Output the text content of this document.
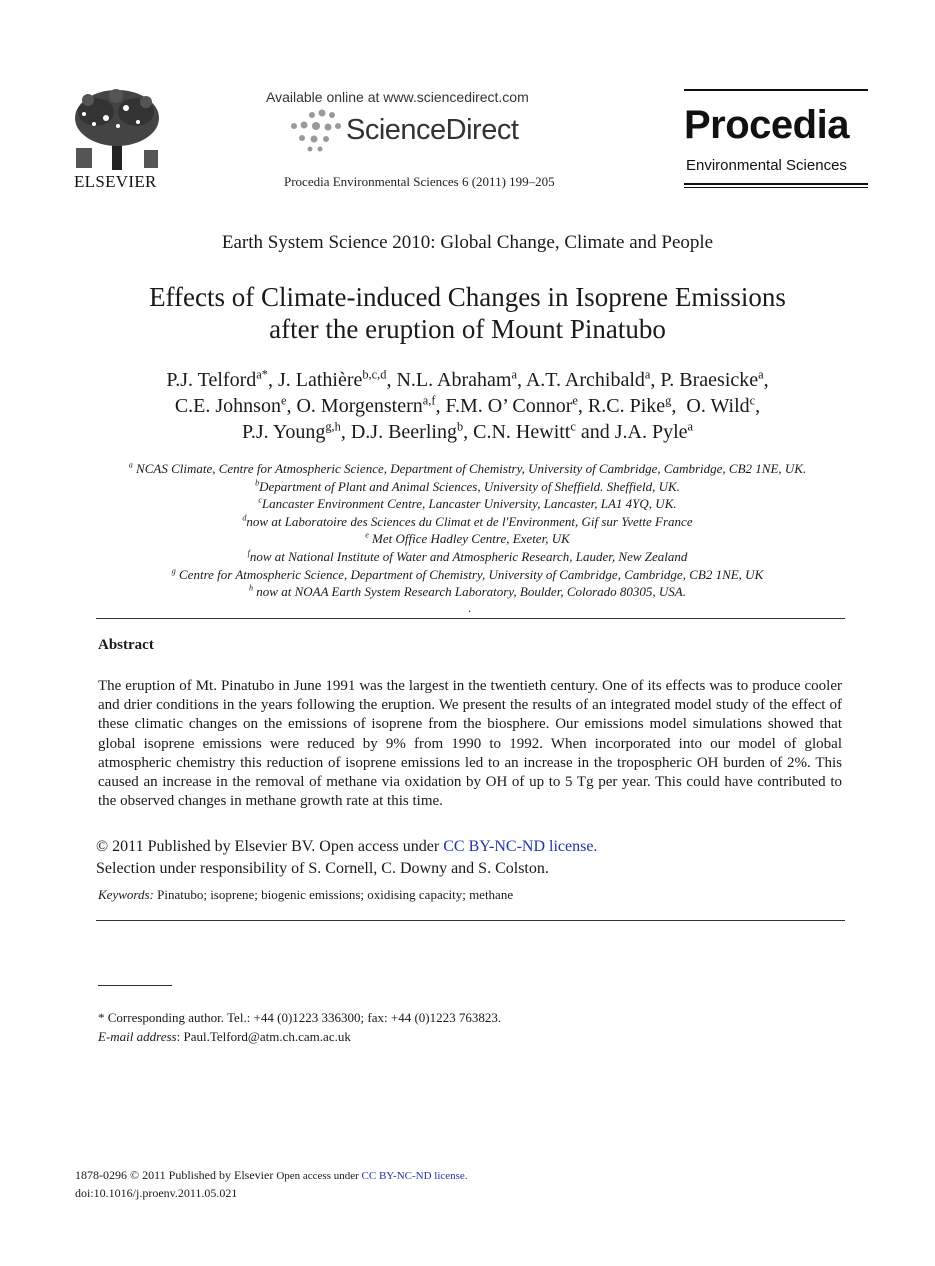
ELSEVIER
Available online at www.sciencedirect.com
ScienceDirect
Procedia Environmental Sciences 6 (2011) 199–205
Procedia
Environmental Sciences
Earth System Science 2010: Global Change, Climate and People
Effects of Climate-induced Changes in Isoprene Emissions
after the eruption of Mount Pinatubo
P.J. Telford$^{a*}$, J. Lathière$^{b,c,d}$, N.L. Abraham$^a$, A.T. Archibald$^a$, P. Braesicke$^a$,
C.E. Johnson$^e$, O. Morgenstern$^{a,f}$, F.M. O’ Connor$^e$, R.C. Pike$^g$,  O. Wild$^c$,
P.J. Young$^{g,h}$, D.J. Beerling$^b$, C.N. Hewitt$^c$ and J.A. Pyle$^a$
$^a$ NCAS Climate, Centre for Atmospheric Science, Department of Chemistry, University of Cambridge, Cambridge, CB2 1NE, UK.
$^b$Department of Plant and Animal Sciences, University of Sheffield. Sheffield, UK.
$^c$Lancaster Environment Centre, Lancaster University, Lancaster, LA1 4YQ, UK.
$^d$now at Laboratoire des Sciences du Climat et de l'Environment, Gif sur Yvette France
$^e$ Met Office Hadley Centre, Exeter, UK
$^f$now at National Institute of Water and Atmospheric Research, Lauder, New Zealand
$^g$ Centre for Atmospheric Science, Department of Chemistry, University of Cambridge, Cambridge, CB2 1NE, UK
$^h$ now at NOAA Earth System Research Laboratory, Boulder, Colorado 80305, USA.
.
Abstract
The eruption of Mt. Pinatubo in June 1991 was the largest in the twentieth century. One of its effects was to produce cooler and drier conditions in the years following the eruption. We present the results of an integrated model study of the effect of these climatic changes on the emissions of isoprene from the biosphere. Our emissions model simulations showed that global isoprene emissions were reduced by 9% from 1990 to 1992. When incorporated into our model of global atmospheric chemistry this reduction of isoprene emissions led to an increase in the tropospheric OH burden of 2%. This caused an increase in the removal of methane via oxidation by OH of up to 5 Tg per year. This could have contributed to the observed changes in methane growth rate at this time.
© 2011 Published by Elsevier BV. Open access under CC BY-NC-ND license.
Selection under responsibility of S. Cornell, C. Downy and S. Colston.
Keywords: Pinatubo; isoprene; biogenic emissions; oxidising capacity; methane
* Corresponding author. Tel.: +44 (0)1223 336300; fax: +44 (0)1223 763823.
E-mail address: Paul.Telford@atm.ch.cam.ac.uk
1878-0296 © 2011 Published by Elsevier Open access under CC BY-NC-ND license.
doi:10.1016/j.proenv.2011.05.021
